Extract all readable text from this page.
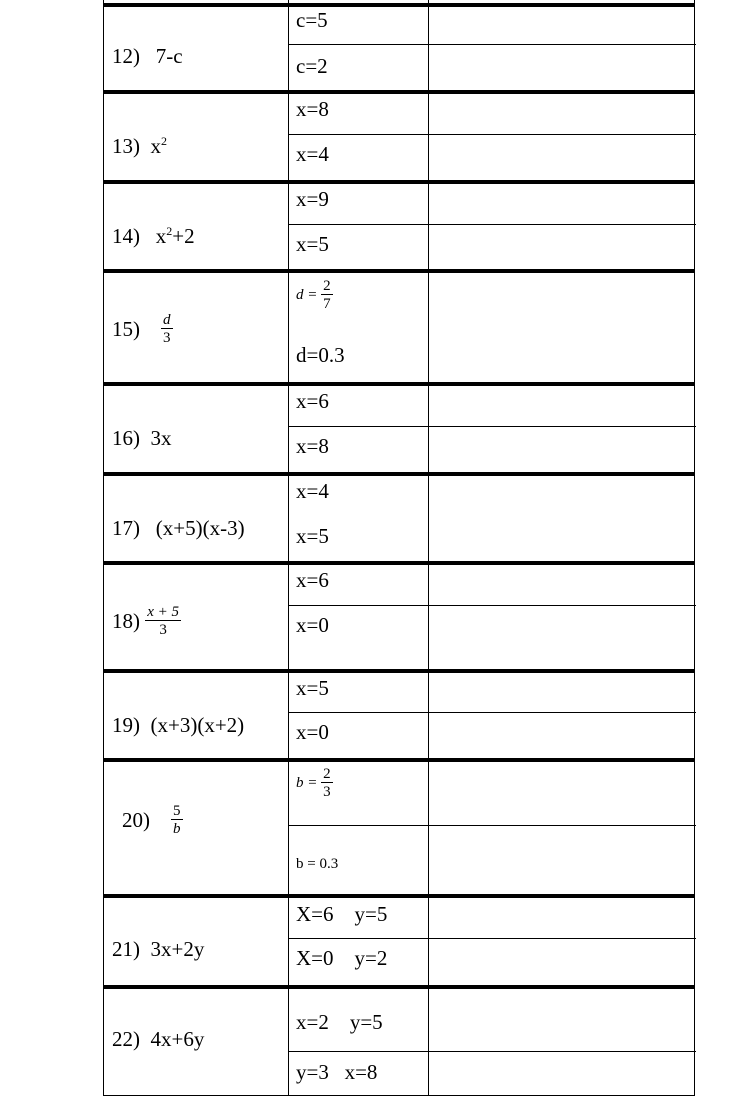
12) 7-c
c=5
c=2
13) $x^2$
x=8
x=4
14) $x^2+2$
x=9
x=5
$15) \frac{d}{3}$
$d = \frac{2}{7}$
d=0.3
16) 3x
x=6
x=8
17) (x+5)(x-3)
x=4
x=5
$18) \frac{x + 5}{3}$
x=6
x=0
19) (x+3)(x+2)
x=5
x=0
$20) \frac{5}{b}$
$b = \frac{2}{3}$
b = 0.3
21) 3x+2y
X=6    y=5
X=0    y=2
22) 4x+6y
x=2    y=5
y=3   x=8
